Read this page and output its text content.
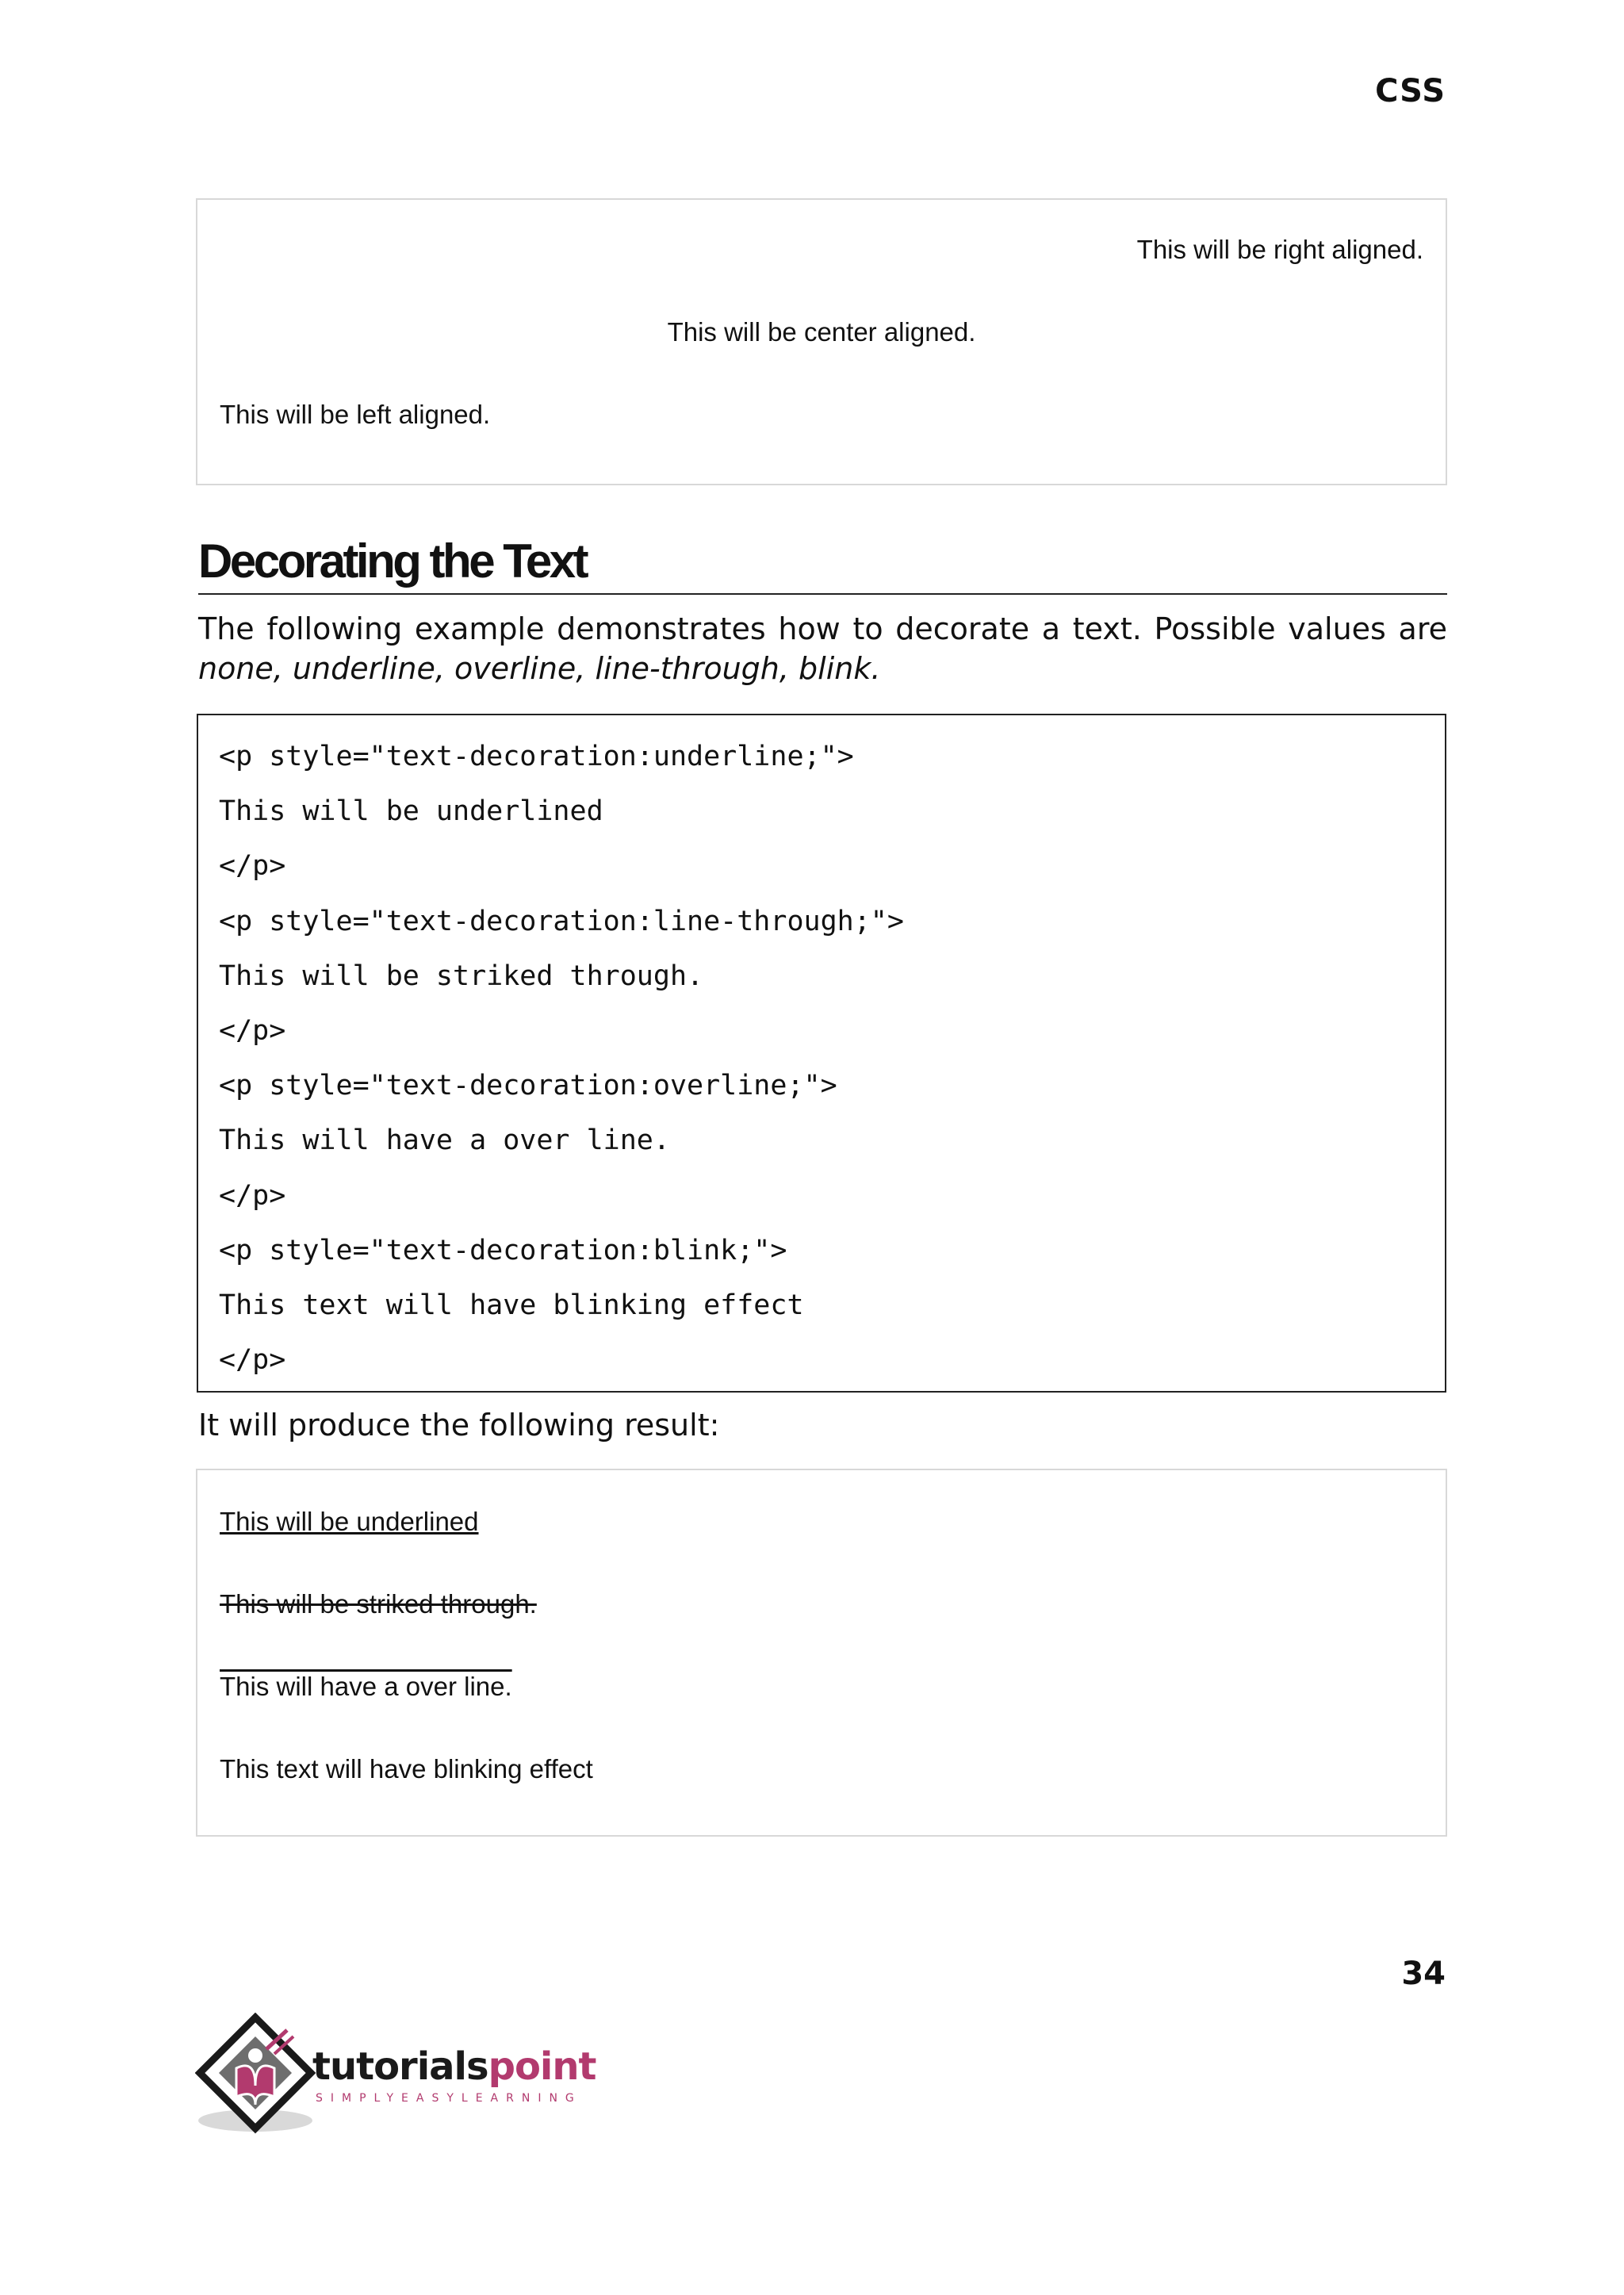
CSS
This will be right aligned.
This will be center aligned.
This will be left aligned.
Decorating the Text
The following example demonstrates how to decorate a text. Possible values are none, underline, overline, line-through, blink.
<p style="text-decoration:underline;">
This will be underlined
</p>
<p style="text-decoration:line-through;">
This will be striked through.
</p>
<p style="text-decoration:overline;">
This will have a over line.
</p>
<p style="text-decoration:blink;">
This text will have blinking effect
</p>
It will produce the following result:
This will be underlined
This will be striked through.
This will have a over line.
This text will have blinking effect
34
tutorialspoint
SIMPLYEASYLEARNING
